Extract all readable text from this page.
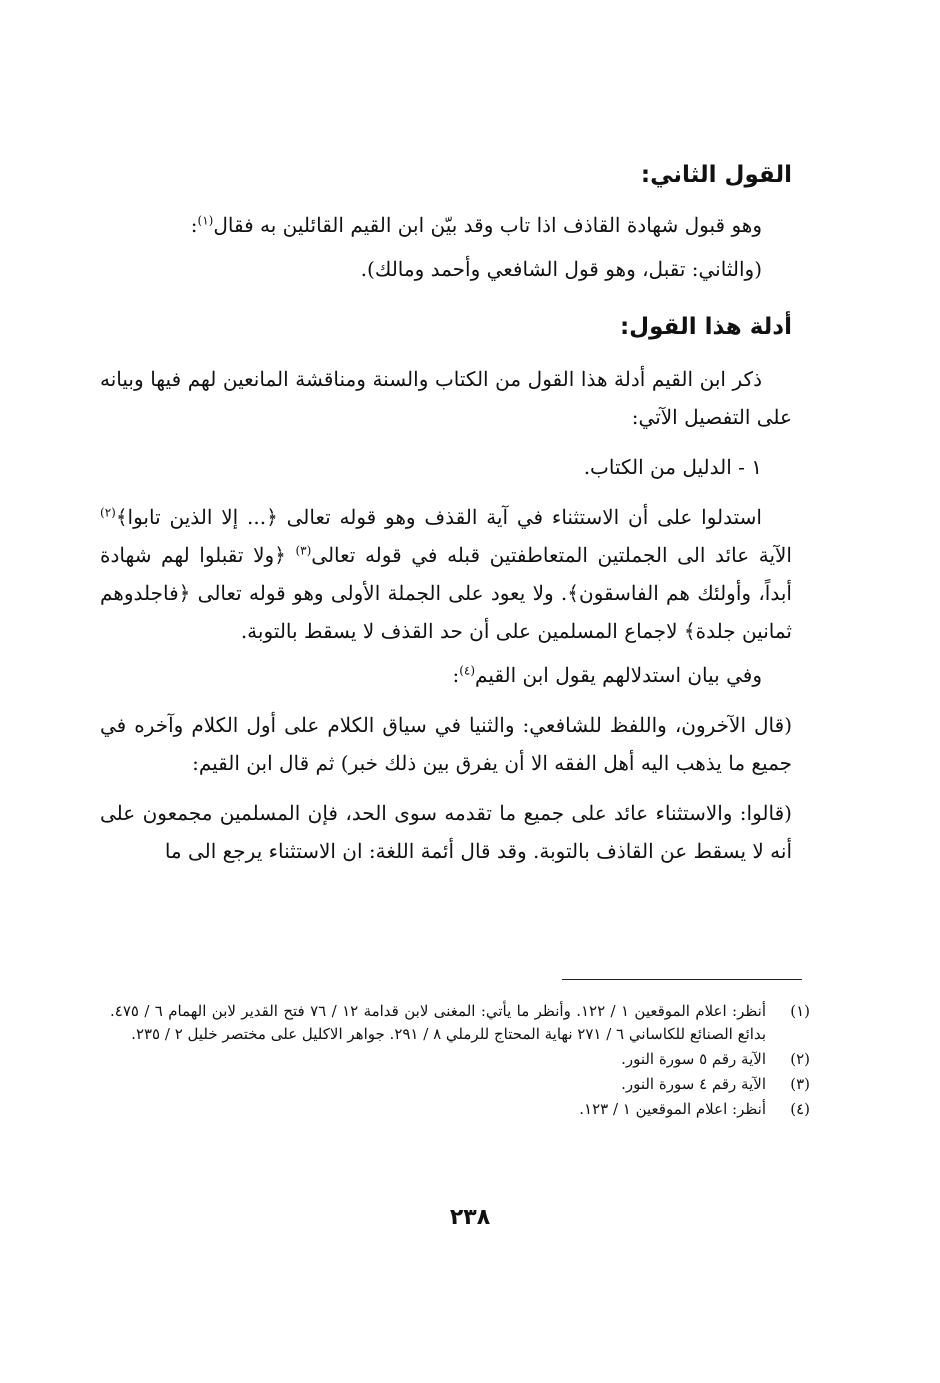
القول الثاني:

وهو قبول شهادة القاذف اذا تاب وقد بيّن ابن القيم القائلين به فقال$^{(١)}$:

(والثاني: تقبل، وهو قول الشافعي وأحمد ومالك).

أدلة هذا القول:

ذكر ابن القيم أدلة هذا القول من الكتاب والسنة ومناقشة المانعين لهم فيها وبيانه على التفصيل الآتي:

١ - الدليل من الكتاب.

استدلوا على أن الاستثناء في آية القذف وهو قوله تعالى ﴿... إلا الذين تابوا﴾$^{(٢)}$ الآية عائد الى الجملتين المتعاطفتين قبله في قوله تعالى$^{(٣)}$ ﴿ولا تقبلوا لهم شهادة أبداً، وأولئك هم الفاسقون﴾. ولا يعود على الجملة الأولى وهو قوله تعالى ﴿فاجلدوهم ثمانين جلدة﴾ لاجماع المسلمين على أن حد القذف لا يسقط بالتوبة.

وفي بيان استدلالهم يقول ابن القيم$^{(٤)}$:

(قال الآخرون، واللفظ للشافعي: والثنيا في سياق الكلام على أول الكلام وآخره في جميع ما يذهب اليه أهل الفقه الا أن يفرق بين ذلك خبر) ثم قال ابن القيم:

(قالوا: والاستثناء عائد على جميع ما تقدمه سوى الحد، فإن المسلمين مجمعون على أنه لا يسقط عن القاذف بالتوبة. وقد قال أئمة اللغة: ان الاستثناء يرجع الى ما

(١)
أنظر: اعلام الموقعين ١ / ١٢٢. وأنظر ما يأتي: المغنى لابن قدامة ١٢ / ٧٦ فتح القدير لابن الهمام ٦ / ٤٧٥. بدائع الصنائع للكاساني ٦ / ٢٧١ نهاية المحتاج للرملي ٨ / ٢٩١. جواهر الاكليل على مختصر خليل ٢ / ٢٣٥.
(٢)
الآية رقم ٥ سورة النور.
(٣)
الآية رقم ٤ سورة النور.
(٤)
أنظر: اعلام الموقعين ١ / ١٢٣.
٢٣٨
